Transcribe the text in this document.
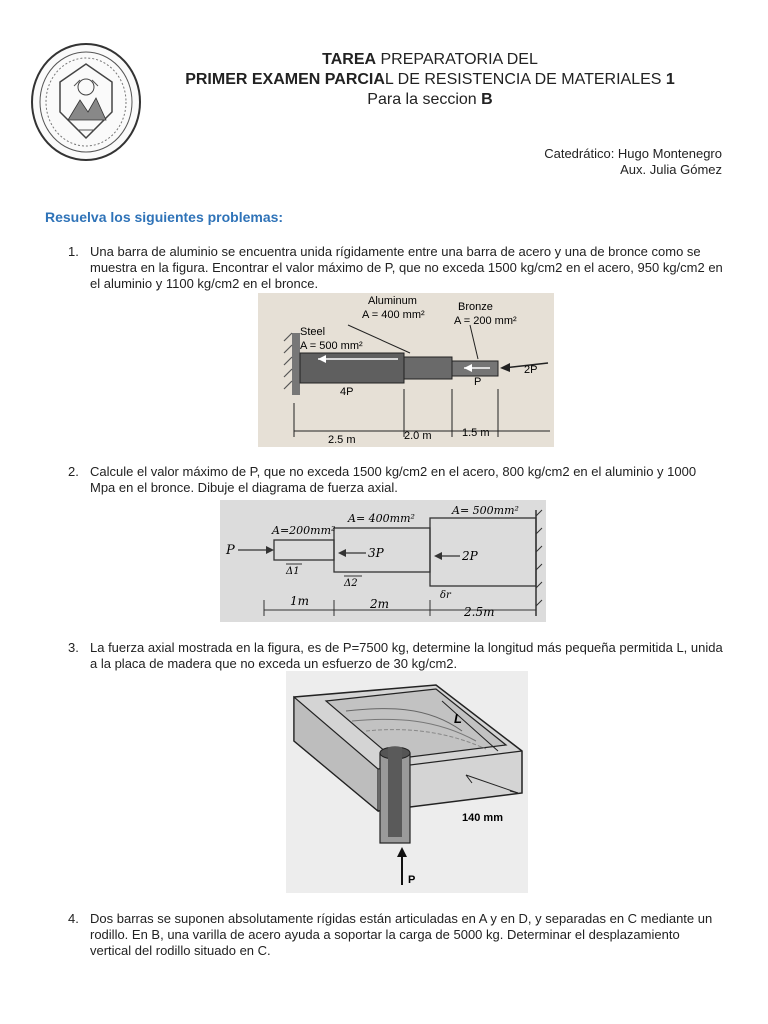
TAREA PREPARATORIA DEL
PRIMER EXAMEN PARCIAL DE RESISTENCIA DE MATERIALES 1
Para la seccion B
Catedrático: Hugo Montenegro
Aux. Julia Gómez
Resuelva los siguientes problemas:
1. Una barra de aluminio se encuentra unida rígidamente entre una barra de acero y una de bronce como se muestra en la figura. Encontrar el valor máximo de P, que no exceda 1500 kg/cm2 en el acero, 950 kg/cm2 en el aluminio y 1100 kg/cm2 en el bronce.
Steel
A = 500 mm²
Aluminum
A = 400 mm²
Bronze
A = 200 mm²
4P
P
2P
2.5 m	2.0 m	1.5 m
2. Calcule el valor máximo de P, que no exceda 1500 kg/cm2 en el acero, 800 kg/cm2 en el aluminio y 1000 Mpa en el bronce. Dibuje el diagrama de fuerza axial.
A=200mm²
A= 400mm²
A= 500mm²
P	3P	2P
Δ1
Δ2
δr
1m	2m
2.5m
3. La fuerza axial mostrada en la figura, es de P=7500 kg, determine la longitud más pequeña permitida L, unida a la placa de madera que no exceda un esfuerzo de 30 kg/cm2.
L
140 mm
P
4. Dos barras se suponen absolutamente rígidas están articuladas en A y en D, y separadas en C mediante un rodillo. En B, una varilla de acero ayuda a soportar la carga de 5000 kg. Determinar el desplazamiento vertical del rodillo situado en C.
